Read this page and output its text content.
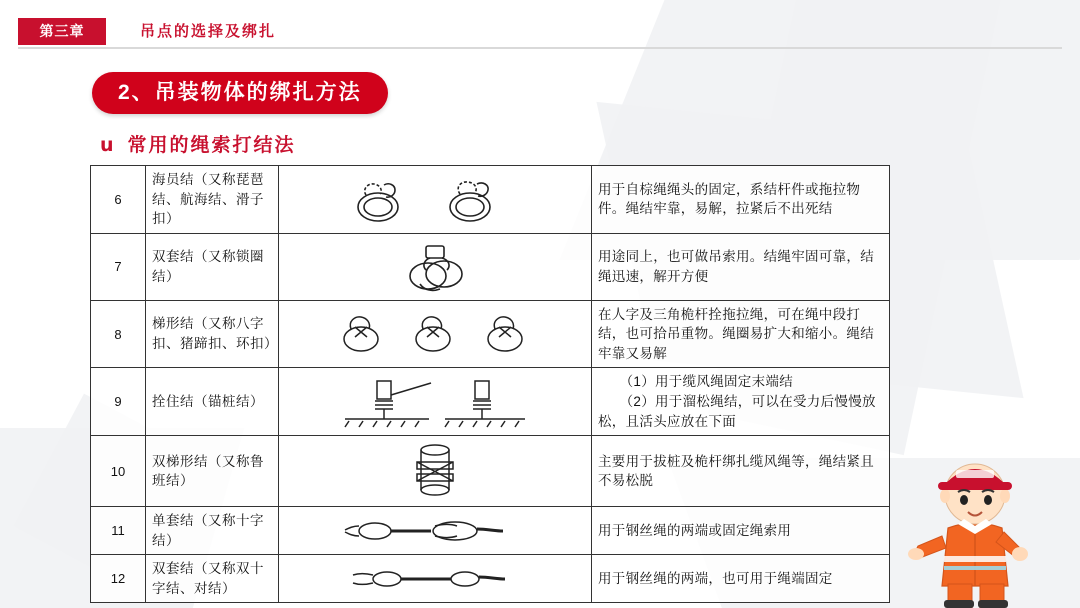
第三章	吊点的选择及绑扎
2、吊装物体的绑扎方法
u 常用的绳索打结法
6	海员结（又称琵琶结、航海结、滑子扣）		用于自棕绳绳头的固定，系结杆件或拖拉物件。绳结牢靠，易解，拉紧后不出死结
7	双套结（又称锁圈结）		用途同上，也可做吊索用。结绳牢固可靠，结绳迅速，解开方便
8	梯形结（又称八字扣、猪蹄扣、环扣）		在人字及三角桅杆拴拖拉绳，可在绳中段打结，也可拾吊重物。绳圈易扩大和缩小。绳结牢靠又易解
9	拴住结（锚桩结）		（1）用于缆风绳固定末端结
（2）用于溜松绳结，可以在受力后慢慢放松，且活头应放在下面

10	双梯形结（又称鲁班结）		主要用于拔桩及桅杆绑扎缆风绳等，绳结紧且不易松脱
11	单套结（又称十字结）		用于钢丝绳的两端或固定绳索用
12	双套结（又称双十字结、对结）		用于钢丝绳的两端，也可用于绳端固定
